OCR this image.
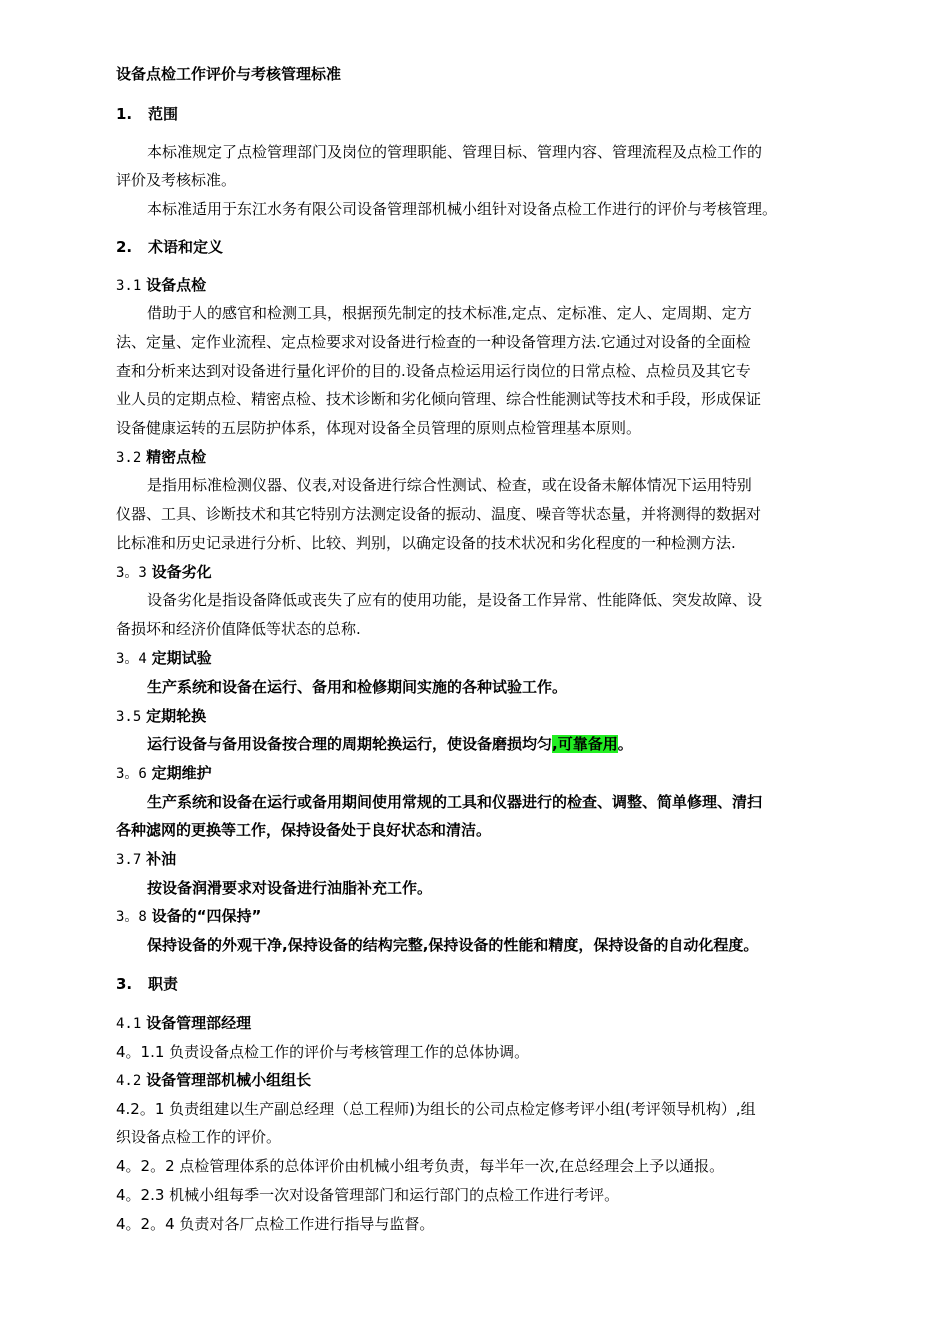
设备点检工作评价与考核管理标准
1. 范围
本标准规定了点检管理部门及岗位的管理职能、管理目标、管理内容、管理流程及点检工作的
评价及考核标准。
本标准适用于东江水务有限公司设备管理部机械小组针对设备点检工作进行的评价与考核管理。
2. 术语和定义
3.1 设备点检
借助于人的感官和检测工具，根据预先制定的技术标准,定点、定标准、定人、定周期、定方
法、定量、定作业流程、定点检要求对设备进行检查的一种设备管理方法.它通过对设备的全面检
查和分析来达到对设备进行量化评价的目的.设备点检运用运行岗位的日常点检、点检员及其它专
业人员的定期点检、精密点检、技术诊断和劣化倾向管理、综合性能测试等技术和手段，形成保证
设备健康运转的五层防护体系，体现对设备全员管理的原则点检管理基本原则。
3.2 精密点检
是指用标准检测仪器、仪表,对设备进行综合性测试、检查，或在设备未解体情况下运用特别
仪器、工具、诊断技术和其它特别方法测定设备的振动、温度、噪音等状态量，并将测得的数据对
比标准和历史记录进行分析、比较、判别，以确定设备的技术状况和劣化程度的一种检测方法.
3。3 设备劣化
设备劣化是指设备降低或丧失了应有的使用功能，是设备工作异常、性能降低、突发故障、设
备损坏和经济价值降低等状态的总称.
3。4 定期试验
生产系统和设备在运行、备用和检修期间实施的各种试验工作。
3.5 定期轮换
运行设备与备用设备按合理的周期轮换运行，使设备磨损均匀,可靠备用。
3。6 定期维护
生产系统和设备在运行或备用期间使用常规的工具和仪器进行的检查、调整、简单修理、清扫
各种滤网的更换等工作，保持设备处于良好状态和清洁。
3.7 补油
按设备润滑要求对设备进行油脂补充工作。
3。8 设备的“四保持”
保持设备的外观干净,保持设备的结构完整,保持设备的性能和精度，保持设备的自动化程度。
3. 职责
4.1 设备管理部经理
4。1.1 负责设备点检工作的评价与考核管理工作的总体协调。
4.2 设备管理部机械小组组长
4.2。1 负责组建以生产副总经理（总工程师)为组长的公司点检定修考评小组(考评领导机构）,组
织设备点检工作的评价。
4。2。2 点检管理体系的总体评价由机械小组考负责，每半年一次,在总经理会上予以通报。
4。2.3 机械小组每季一次对设备管理部门和运行部门的点检工作进行考评。
4。2。4 负责对各厂点检工作进行指导与监督。
